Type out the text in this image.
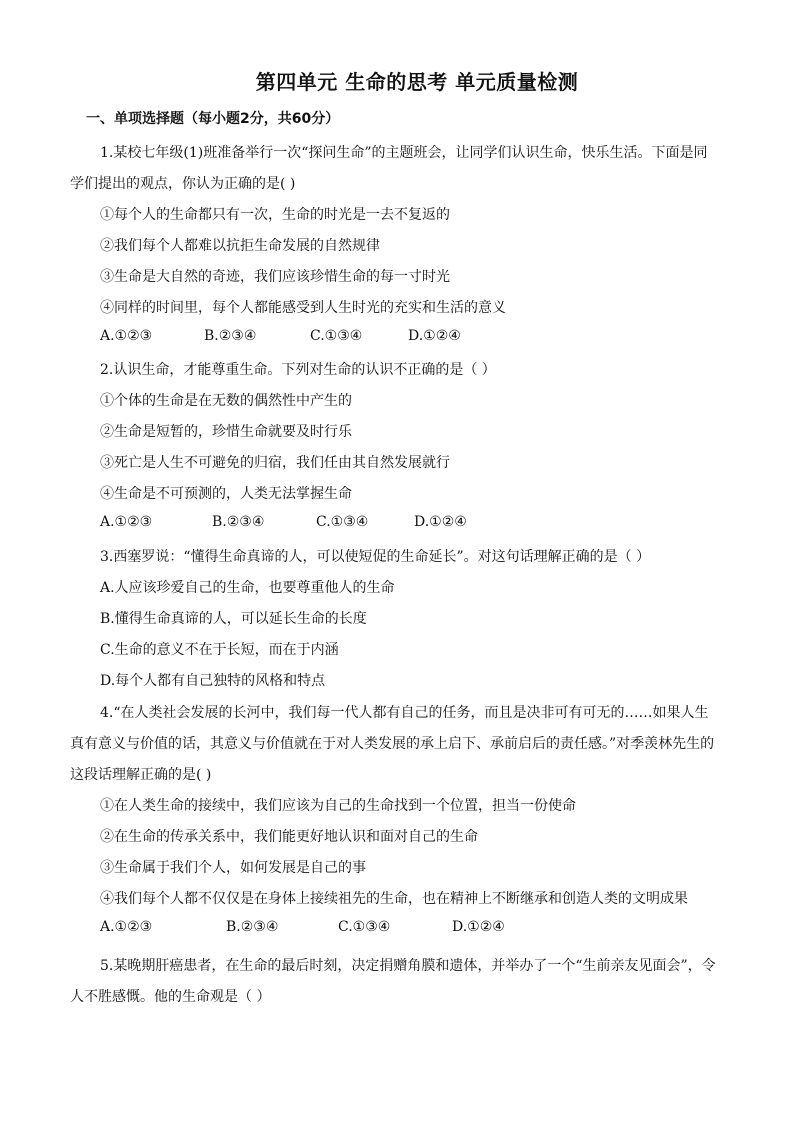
第四单元 生命的思考 单元质量检测
一、单项选择题（每小题2分，共60分）
1.某校七年级(1)班准备举行一次“探问生命”的主题班会，让同学们认识生命，快乐生活。下面是同
学们提出的观点，你认为正确的是( )
①每个人的生命都只有一次，生命的时光是一去不复返的
②我们每个人都难以抗拒生命发展的自然规律
③生命是大自然的奇迹，我们应该珍惜生命的每一寸时光
④同样的时间里，每个人都能感受到人生时光的充实和生活的意义
A.①②③	B.②③④	C.①③④	D.①②④
2.认识生命，才能尊重生命。下列对生命的认识不正确的是（ ）
①个体的生命是在无数的偶然性中产生的
②生命是短暂的，珍惜生命就要及时行乐
③死亡是人生不可避免的归宿，我们任由其自然发展就行
④生命是不可预测的，人类无法掌握生命
A.①②③	B.②③④	C.①③④	D.①②④
3.西塞罗说：“懂得生命真谛的人，可以使短促的生命延长”。对这句话理解正确的是（ ）
A.人应该珍爱自己的生命，也要尊重他人的生命
B.懂得生命真谛的人，可以延长生命的长度
C.生命的意义不在于长短，而在于内涵
D.每个人都有自己独特的风格和特点
4.“在人类社会发展的长河中，我们每一代人都有自己的任务，而且是决非可有可无的……如果人生
真有意义与价值的话，其意义与价值就在于对人类发展的承上启下、承前启后的责任感。”对季羡林先生的
这段话理解正确的是( )
①在人类生命的接续中，我们应该为自己的生命找到一个位置，担当一份使命
②在生命的传承关系中，我们能更好地认识和面对自己的生命
③生命属于我们个人，如何发展是自己的事
④我们每个人都不仅仅是在身体上接续祖先的生命，也在精神上不断继承和创造人类的文明成果
A.①②③	B.②③④	C.①③④	D.①②④
5.某晚期肝癌患者，在生命的最后时刻，决定捐赠角膜和遗体，并举办了一个“生前亲友见面会”，令
人不胜感慨。他的生命观是（ ）
